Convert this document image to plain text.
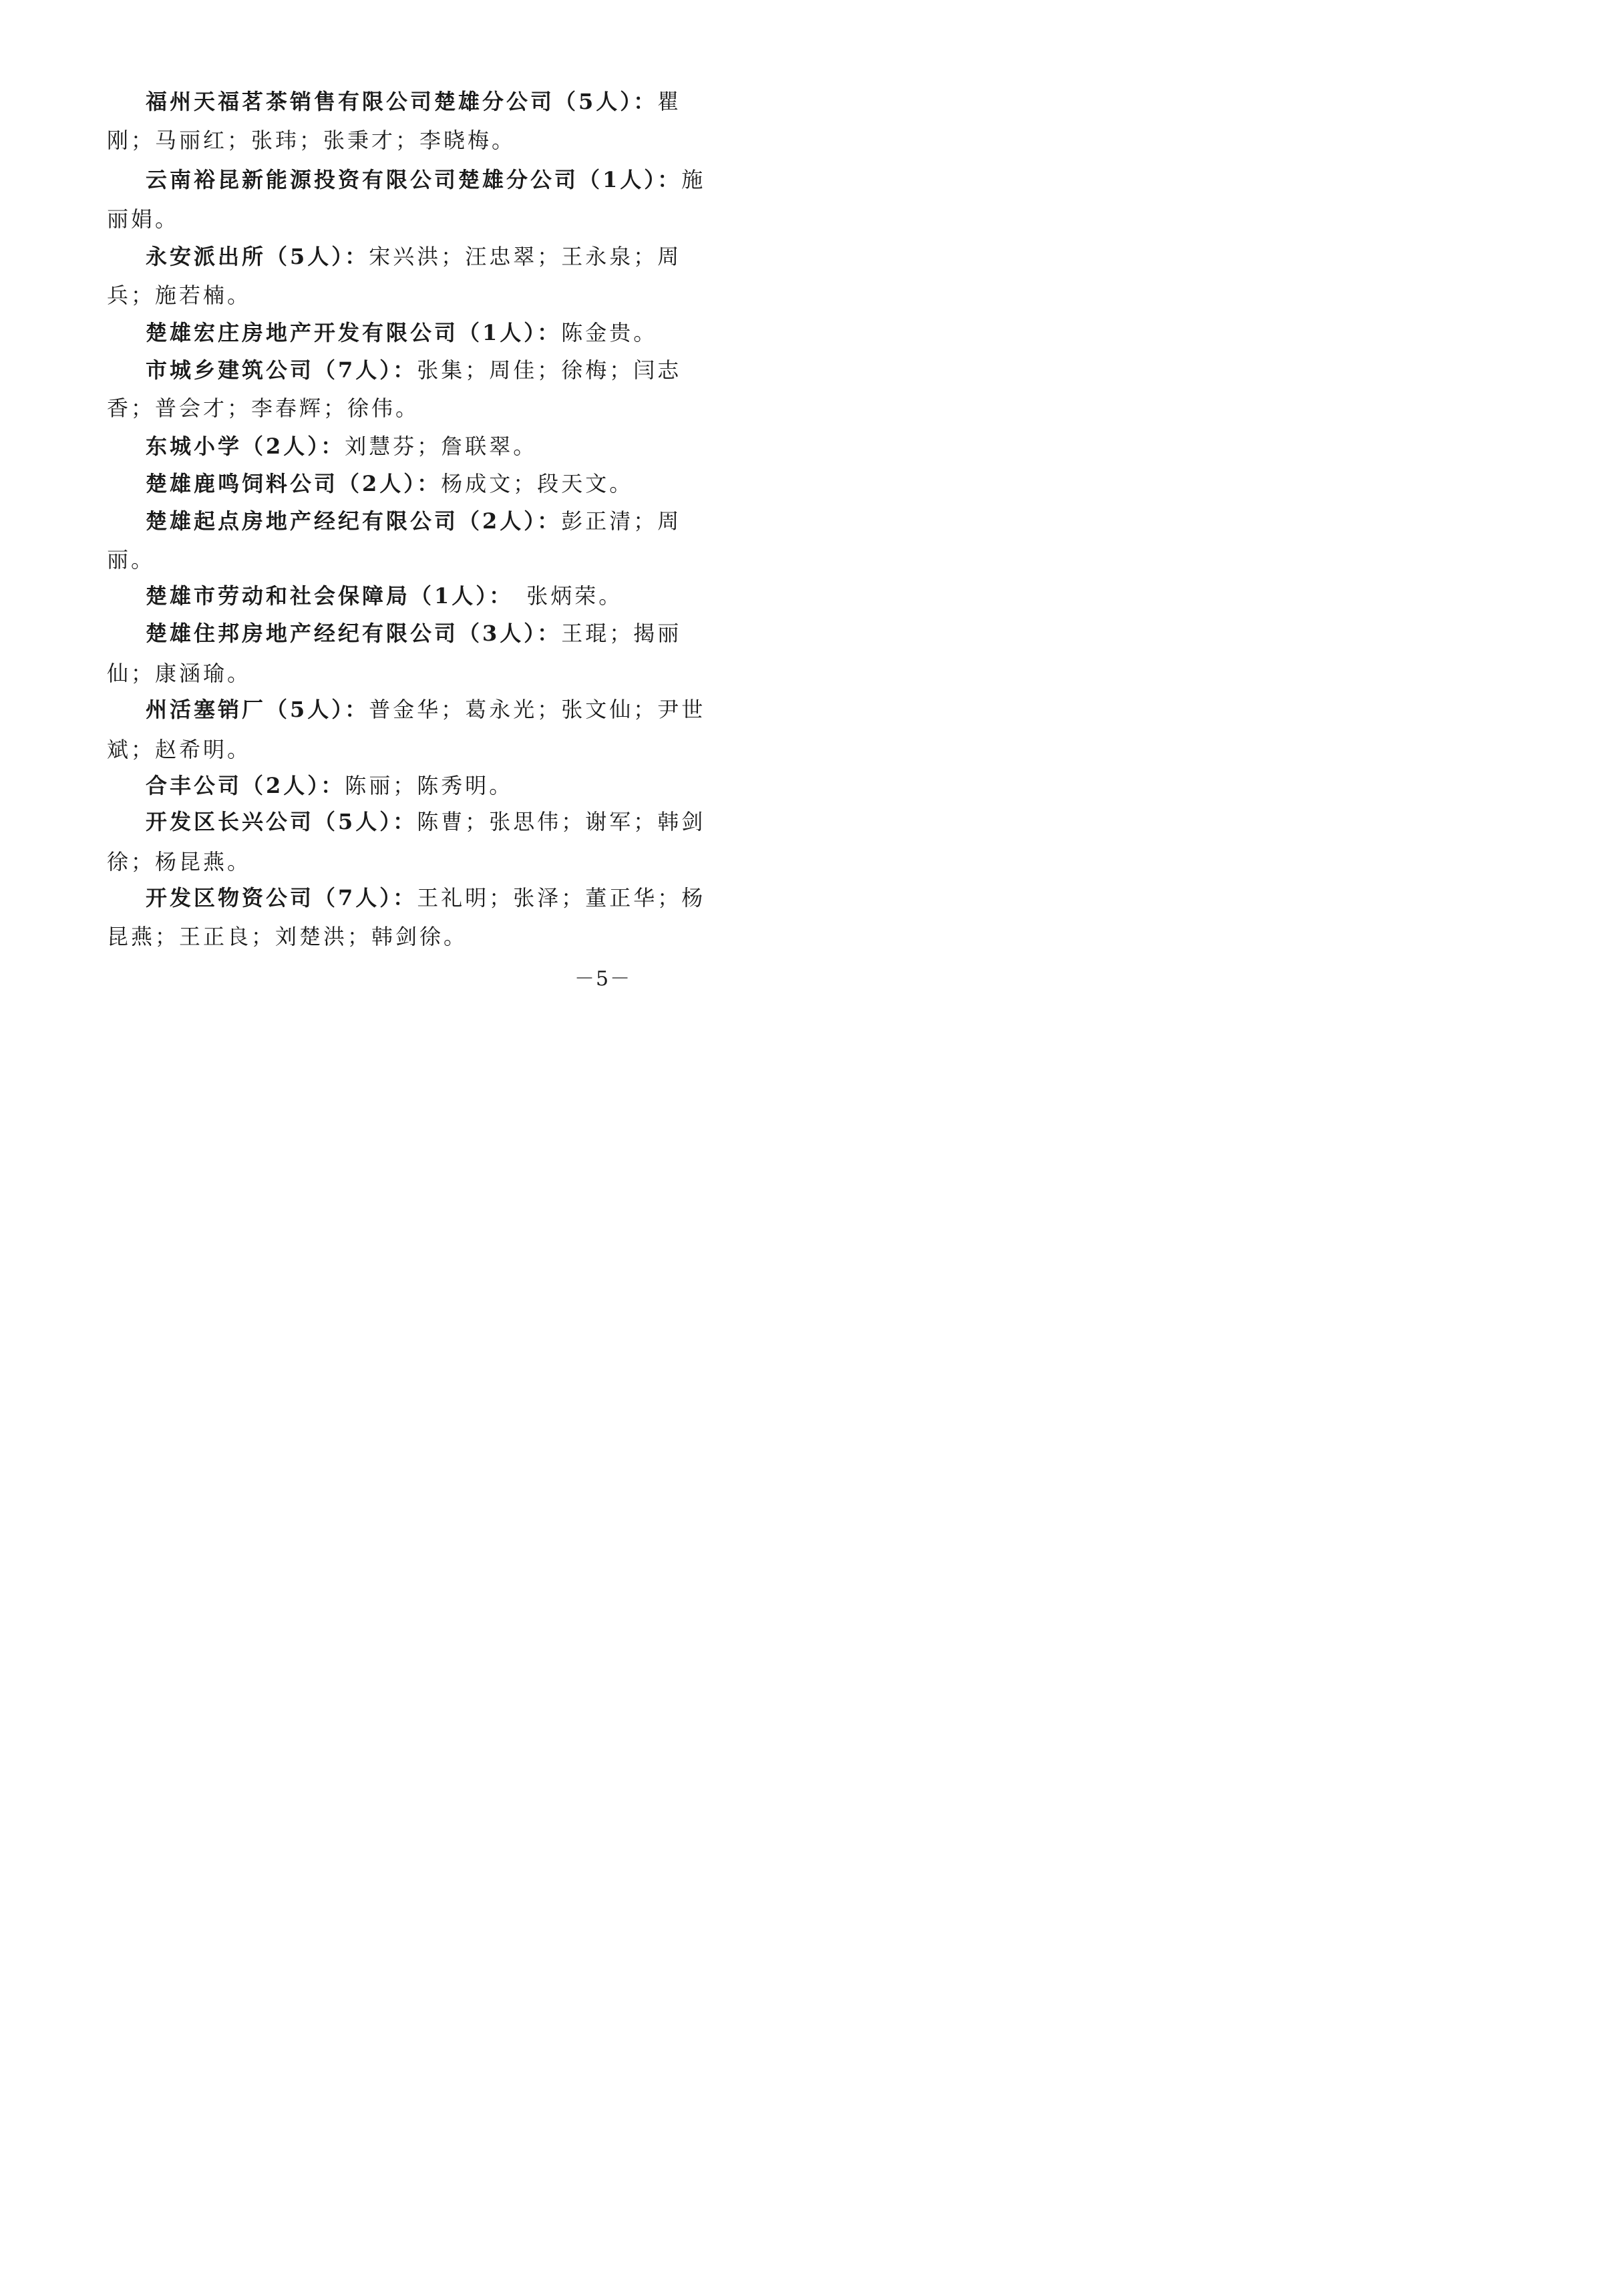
福州天福茗茶销售有限公司楚雄分公司（5人）：瞿
刚；马丽红；张玮；张秉才；李晓梅。
云南裕昆新能源投资有限公司楚雄分公司（1人）：施
丽娟。
永安派出所（5人）：宋兴洪；汪忠翠；王永泉；周
兵；施若楠。
楚雄宏庄房地产开发有限公司（1人）：陈金贵。
市城乡建筑公司（7人）：张集；周佳；徐梅；闫志
香；普会才；李春辉；徐伟。
东城小学（2人）：刘慧芬；詹联翠。
楚雄鹿鸣饲料公司（2人）：杨成文；段天文。
楚雄起点房地产经纪有限公司（2人）：彭正清；周
丽。
楚雄市劳动和社会保障局（1人）：　张炳荣。
楚雄住邦房地产经纪有限公司（3人）：王琨；揭丽
仙；康涵瑜。
州活塞销厂（5人）：普金华；葛永光；张文仙；尹世
斌；赵希明。
合丰公司（2人）：陈丽；陈秀明。
开发区长兴公司（5人）：陈曹；张思伟；谢军；韩剑
徐；杨昆燕。
开发区物资公司（7人）：王礼明；张泽；董正华；杨
昆燕；王正良；刘楚洪；韩剑徐。
－5－
